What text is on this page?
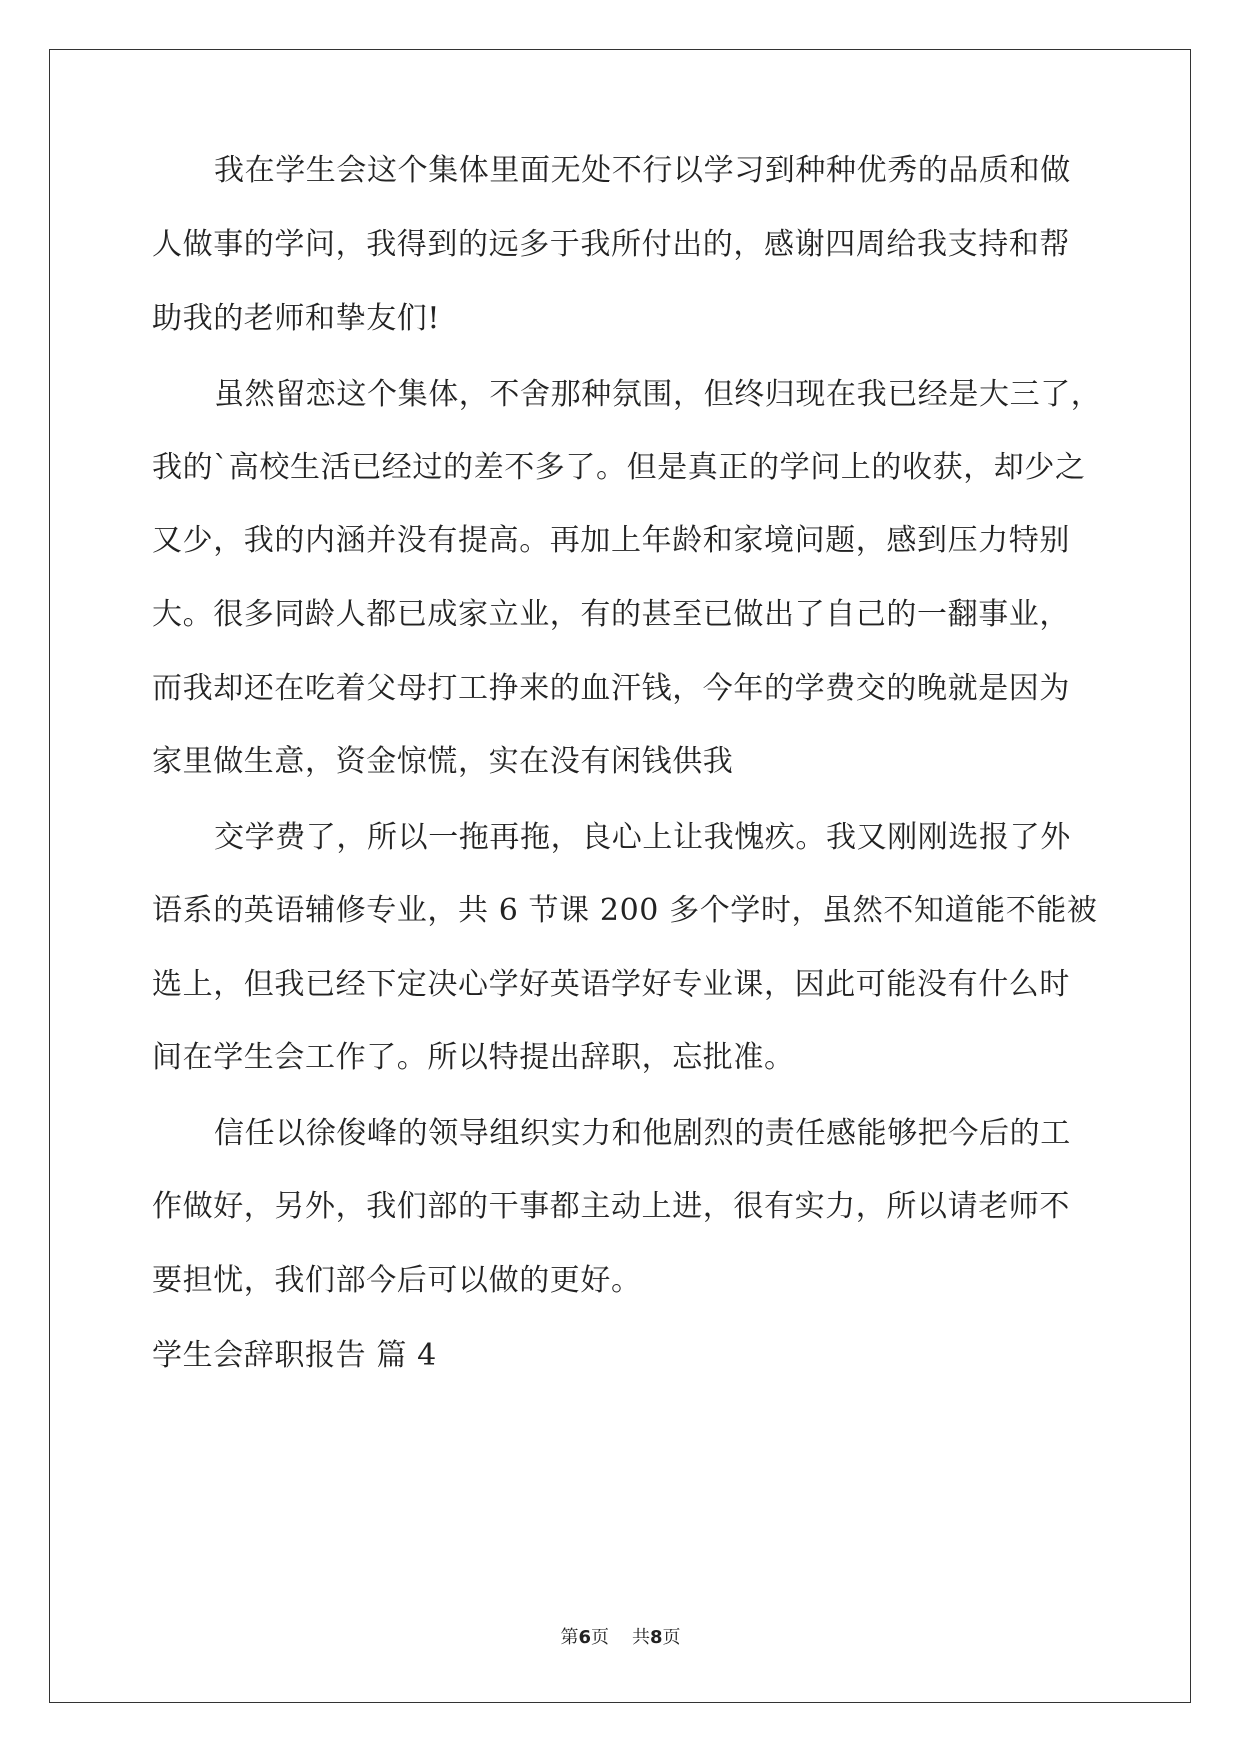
我在学生会这个集体里面无处不行以学习到种种优秀的品质和做
人做事的学问，我得到的远多于我所付出的，感谢四周给我支持和帮
助我的老师和挚友们!
虽然留恋这个集体，不舍那种氛围，但终归现在我已经是大三了，
我的`高校生活已经过的差不多了。但是真正的学问上的收获，却少之
又少，我的内涵并没有提高。再加上年龄和家境问题，感到压力特别
大。很多同龄人都已成家立业，有的甚至已做出了自己的一翻事业，
而我却还在吃着父母打工挣来的血汗钱，今年的学费交的晚就是因为
家里做生意，资金惊慌，实在没有闲钱供我
交学费了，所以一拖再拖，良心上让我愧疚。我又刚刚选报了外
语系的英语辅修专业，共 6 节课 200 多个学时，虽然不知道能不能被
选上，但我已经下定决心学好英语学好专业课，因此可能没有什么时
间在学生会工作了。所以特提出辞职，忘批准。
信任以徐俊峰的领导组织实力和他剧烈的责任感能够把今后的工
作做好，另外，我们部的干事都主动上进，很有实力，所以请老师不
要担忧，我们部今后可以做的更好。
学生会辞职报告 篇 4
第6页 共8页
